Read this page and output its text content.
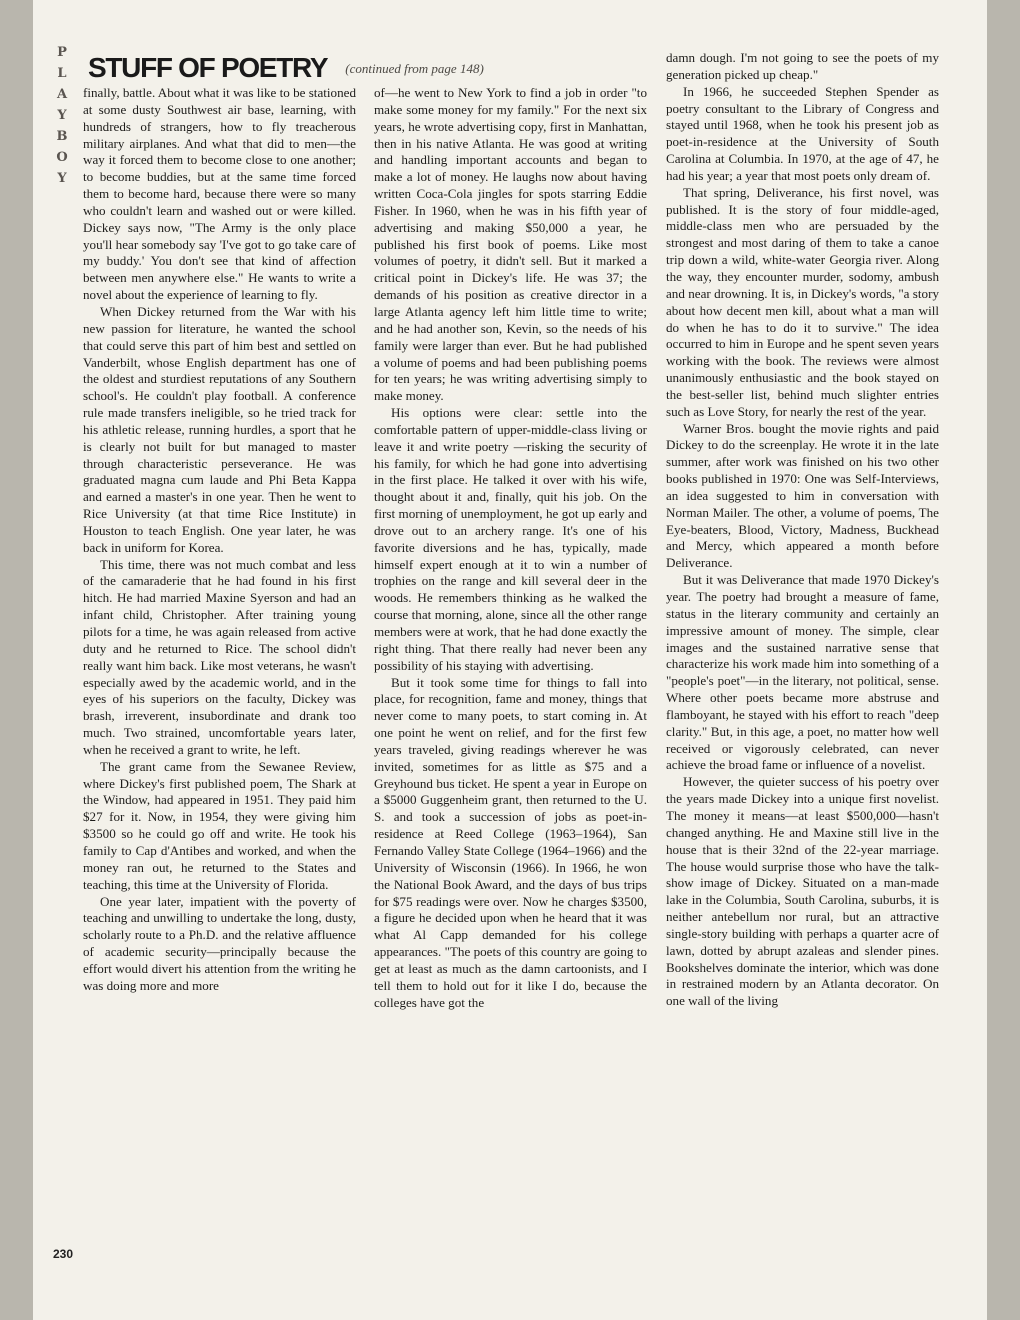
P
L
A
Y
B
O
Y
STUFF OF POETRY (continued from page 148)

finally, battle. About what it was like to be stationed at some dusty Southwest air base, learning, with hundreds of strangers, how to fly treacherous military airplanes. And what that did to men—the way it forced them to become close to one another; to become buddies, but at the same time forced them to become hard, because there were so many who couldn't learn and washed out or were killed. Dickey says now, "The Army is the only place you'll hear somebody say 'I've got to go take care of my buddy.' You don't see that kind of affection between men anywhere else." He wants to write a novel about the experience of learning to fly.

When Dickey returned from the War with his new passion for literature, he wanted the school that could serve this part of him best and settled on Vanderbilt, whose English department has one of the oldest and sturdiest reputations of any Southern school's. He couldn't play football. A conference rule made transfers ineligible, so he tried track for his athletic release, running hurdles, a sport that he is clearly not built for but managed to master through characteristic perseverance. He was graduated magna cum laude and Phi Beta Kappa and earned a master's in one year. Then he went to Rice University (at that time Rice Institute) in Houston to teach English. One year later, he was back in uniform for Korea.

This time, there was not much combat and less of the camaraderie that he had found in his first hitch. He had married Maxine Syerson and had an infant child, Christopher. After training young pilots for a time, he was again released from active duty and he returned to Rice. The school didn't really want him back. Like most veterans, he wasn't especially awed by the academic world, and in the eyes of his superiors on the faculty, Dickey was brash, irreverent, insubordinate and drank too much. Two strained, uncomfortable years later, when he received a grant to write, he left.

The grant came from the Sewanee Review, where Dickey's first published poem, The Shark at the Window, had appeared in 1951. They paid him $27 for it. Now, in 1954, they were giving him $3500 so he could go off and write. He took his family to Cap d'Antibes and worked, and when the money ran out, he returned to the States and teaching, this time at the University of Florida.

One year later, impatient with the poverty of teaching and unwilling to undertake the long, dusty, scholarly route to a Ph.D. and the relative affluence of academic security—principally because the effort would divert his attention from the writing he was doing more and more

of—he went to New York to find a job in order "to make some money for my family." For the next six years, he wrote advertising copy, first in Manhattan, then in his native Atlanta. He was good at writing and handling important accounts and began to make a lot of money. He laughs now about having written Coca-Cola jingles for spots starring Eddie Fisher. In 1960, when he was in his fifth year of advertising and making $50,000 a year, he published his first book of poems. Like most volumes of poetry, it didn't sell. But it marked a critical point in Dickey's life. He was 37; the demands of his position as creative director in a large Atlanta agency left him little time to write; and he had another son, Kevin, so the needs of his family were larger than ever. But he had published a volume of poems and had been publishing poems for ten years; he was writing advertising simply to make money.

His options were clear: settle into the comfortable pattern of upper-middle-class living or leave it and write poetry —risking the security of his family, for which he had gone into advertising in the first place. He talked it over with his wife, thought about it and, finally, quit his job. On the first morning of unemployment, he got up early and drove out to an archery range. It's one of his favorite diversions and he has, typically, made himself expert enough at it to win a number of trophies on the range and kill several deer in the woods. He remembers thinking as he walked the course that morning, alone, since all the other range members were at work, that he had done exactly the right thing. That there really had never been any possibility of his staying with advertising.

But it took some time for things to fall into place, for recognition, fame and money, things that never come to many poets, to start coming in. At one point he went on relief, and for the first few years traveled, giving readings wherever he was invited, sometimes for as little as $75 and a Greyhound bus ticket. He spent a year in Europe on a $5000 Guggenheim grant, then returned to the U. S. and took a succession of jobs as poet-in-residence at Reed College (1963–1964), San Fernando Valley State College (1964–1966) and the University of Wisconsin (1966). In 1966, he won the National Book Award, and the days of bus trips for $75 readings were over. Now he charges $3500, a figure he decided upon when he heard that it was what Al Capp demanded for his college appearances. "The poets of this country are going to get at least as much as the damn cartoonists, and I tell them to hold out for it like I do, because the colleges have got the

damn dough. I'm not going to see the poets of my generation picked up cheap."

In 1966, he succeeded Stephen Spender as poetry consultant to the Library of Congress and stayed until 1968, when he took his present job as poet-in-residence at the University of South Carolina at Columbia. In 1970, at the age of 47, he had his year; a year that most poets only dream of.

That spring, Deliverance, his first novel, was published. It is the story of four middle-aged, middle-class men who are persuaded by the strongest and most daring of them to take a canoe trip down a wild, white-water Georgia river. Along the way, they encounter murder, sodomy, ambush and near drowning. It is, in Dickey's words, "a story about how decent men kill, about what a man will do when he has to do it to survive." The idea occurred to him in Europe and he spent seven years working with the book. The reviews were almost unanimously enthusiastic and the book stayed on the best-seller list, behind much slighter entries such as Love Story, for nearly the rest of the year.

Warner Bros. bought the movie rights and paid Dickey to do the screenplay. He wrote it in the late summer, after work was finished on his two other books published in 1970: One was Self-Interviews, an idea suggested to him in conversation with Norman Mailer. The other, a volume of poems, The Eye-beaters, Blood, Victory, Madness, Buckhead and Mercy, which appeared a month before Deliverance.

But it was Deliverance that made 1970 Dickey's year. The poetry had brought a measure of fame, status in the literary community and certainly an impressive amount of money. The simple, clear images and the sustained narrative sense that characterize his work made him into something of a "people's poet"—in the literary, not political, sense. Where other poets became more abstruse and flamboyant, he stayed with his effort to reach "deep clarity." But, in this age, a poet, no matter how well received or vigorously celebrated, can never achieve the broad fame or influence of a novelist.

However, the quieter success of his poetry over the years made Dickey into a unique first novelist. The money it means—at least $500,000—hasn't changed anything. He and Maxine still live in the house that is their 32nd of the 22-year marriage. The house would surprise those who have the talk-show image of Dickey. Situated on a man-made lake in the Columbia, South Carolina, suburbs, it is neither antebellum nor rural, but an attractive single-story building with perhaps a quarter acre of lawn, dotted by abrupt azaleas and slender pines. Bookshelves dominate the interior, which was done in restrained modern by an Atlanta decorator. On one wall of the living

230
